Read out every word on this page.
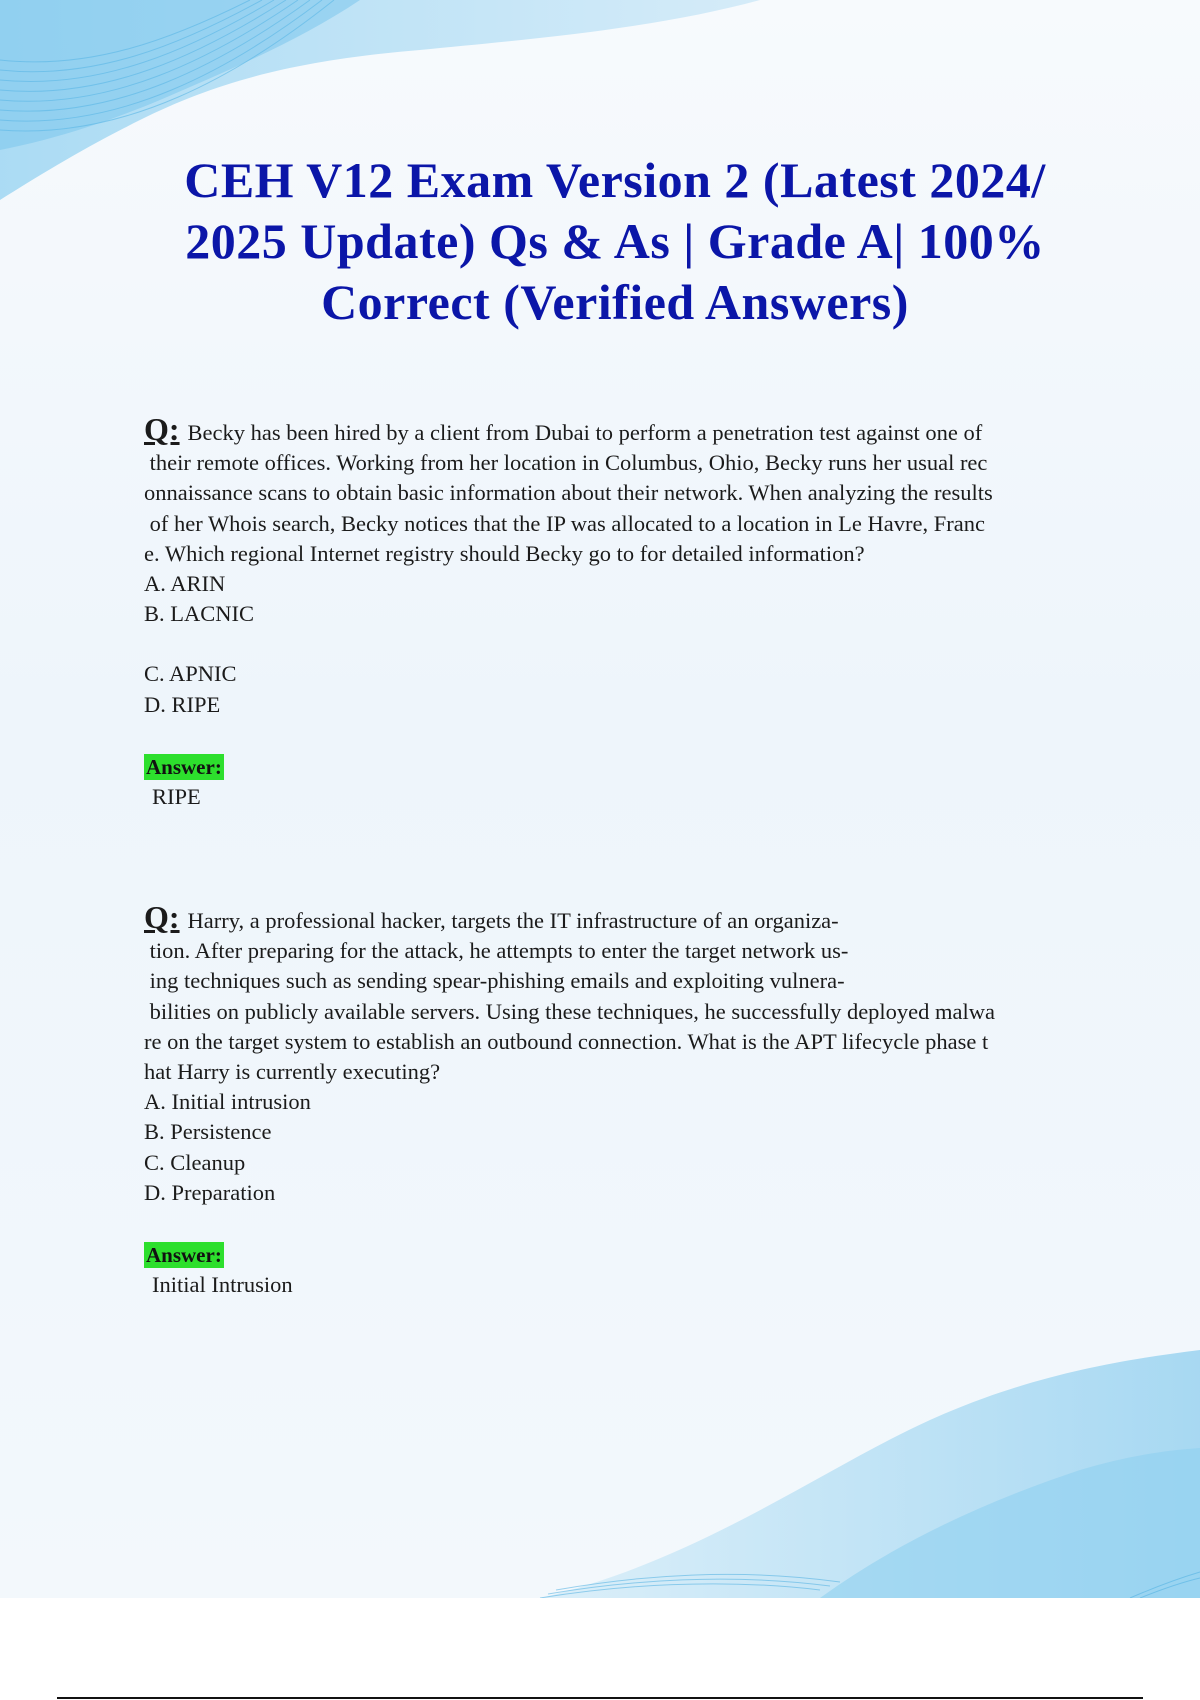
CEH V12 Exam Version 2 (Latest 2024/
2025 Update) Qs & As | Grade A| 100%
Correct (Verified Answers)
Q: Becky has been hired by a client from Dubai to perform a penetration test against one of
their remote offices. Working from her location in Columbus, Ohio, Becky runs her usual rec
onnaissance scans to obtain basic information about their network. When analyzing the results
of her Whois search, Becky notices that the IP was allocated to a location in Le Havre, Franc
e. Which regional Internet registry should Becky go to for detailed information?
A. ARIN
B. LACNIC
C. APNIC
D. RIPE
Answer:
RIPE
Q: Harry, a professional hacker, targets the IT infrastructure of an organiza-
tion. After preparing for the attack, he attempts to enter the target network us-
ing techniques such as sending spear-phishing emails and exploiting vulnera-
bilities on publicly available servers. Using these techniques, he successfully deployed malwa
re on the target system to establish an outbound connection. What is the APT lifecycle phase t
hat Harry is currently executing?
A. Initial intrusion
B. Persistence
C. Cleanup
D. Preparation
Answer:
Initial Intrusion
